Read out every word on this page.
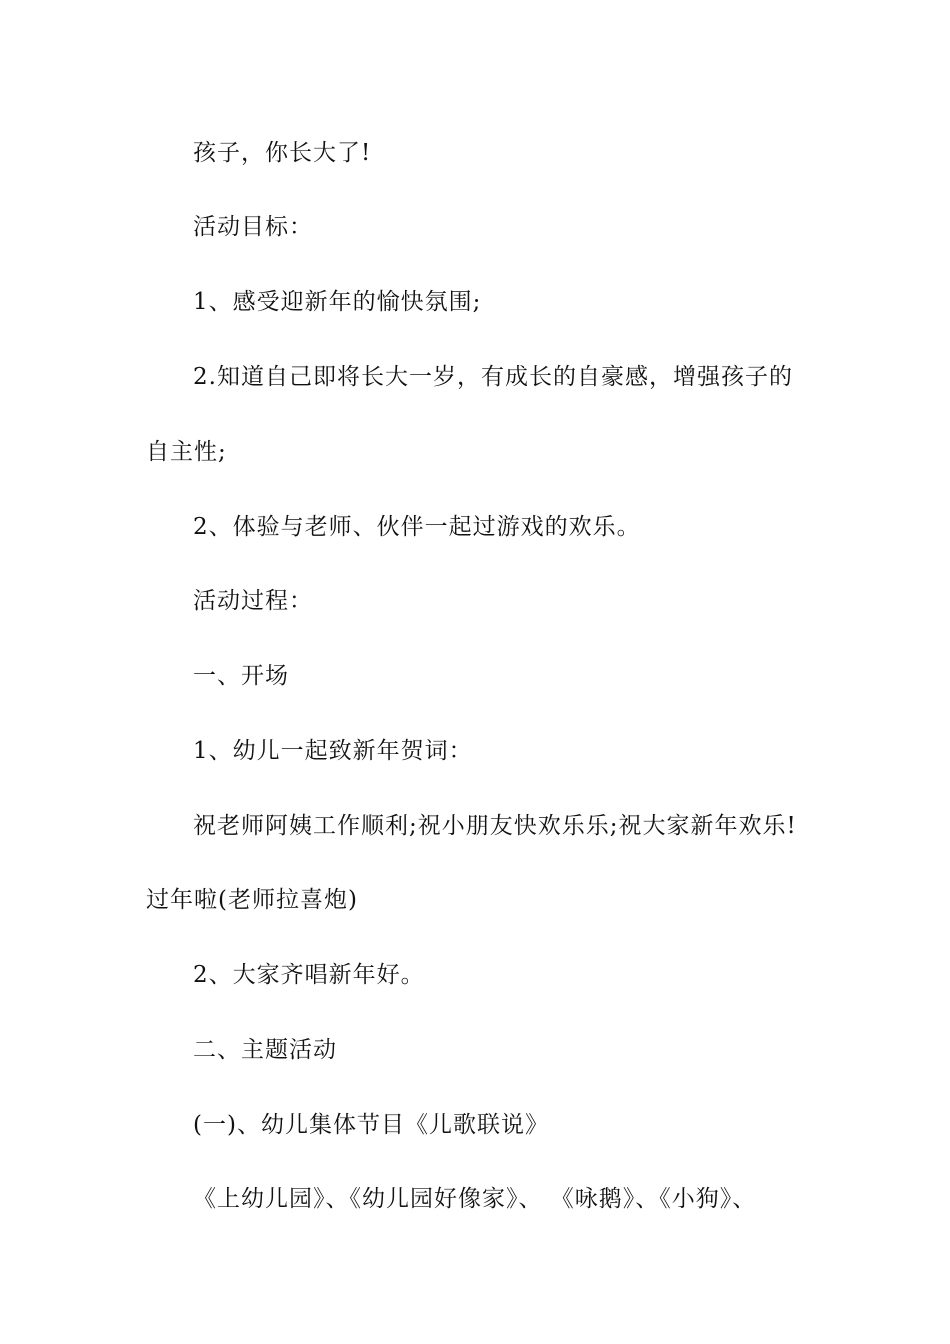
孩子，你长大了!
活动目标：
1、感受迎新年的愉快氛围;
2.知道自己即将长大一岁，有成长的自豪感，增强孩子的
自主性;
2、体验与老师、伙伴一起过游戏的欢乐。
活动过程：
一、开场
1、幼儿一起致新年贺词：
祝老师阿姨工作顺利;祝小朋友快欢乐乐;祝大家新年欢乐!
过年啦(老师拉喜炮)
2、大家齐唱新年好。
二、主题活动
(一)、幼儿集体节目《儿歌联说》
《上幼儿园》、《幼儿园好像家》、 《咏鹅》、《小狗》、
